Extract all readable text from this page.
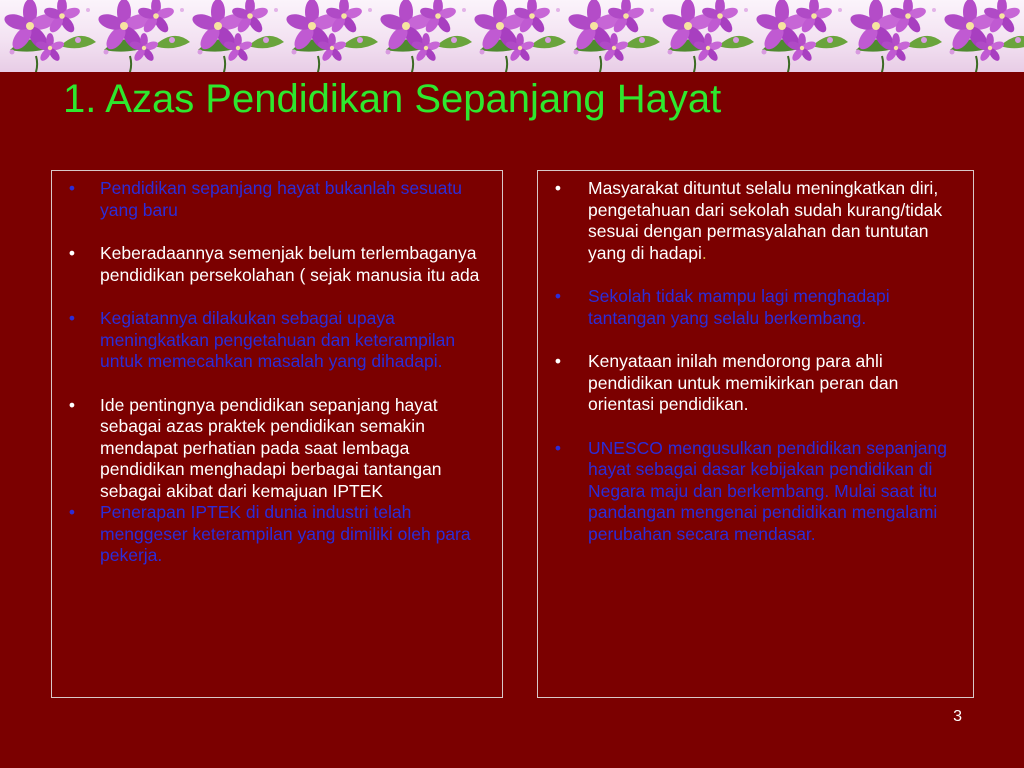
1. Azas Pendidikan Sepanjang Hayat
•	Pendidikan sepanjang hayat bukanlah sesuatu yang baru
•	Keberadaannya semenjak belum terlembaganya pendidikan persekolahan ( sejak manusia itu ada
•	Kegiatannya dilakukan sebagai upaya meningkatkan pengetahuan dan keterampilan untuk memecahkan masalah yang dihadapi.
•	Ide pentingnya pendidikan sepanjang hayat sebagai azas praktek pendidikan semakin mendapat perhatian pada saat lembaga pendidikan menghadapi berbagai tantangan sebagai akibat dari kemajuan IPTEK
•	Penerapan IPTEK di dunia industri telah menggeser keterampilan yang dimiliki oleh para pekerja.
•	Masyarakat dituntut selalu meningkatkan diri, pengetahuan dari sekolah sudah kurang/tidak sesuai dengan permasyalahan dan tuntutan yang di hadapi.
•	Sekolah tidak mampu lagi menghadapi tantangan yang selalu berkembang.
•	Kenyataan inilah mendorong para ahli pendidikan untuk memikirkan peran dan orientasi pendidikan.
•	UNESCO mengusulkan pendidikan sepanjang hayat sebagai dasar kebijakan pendidikan di Negara maju dan berkembang. Mulai saat itu pandangan mengenai pendidikan mengalami perubahan secara mendasar.
3
